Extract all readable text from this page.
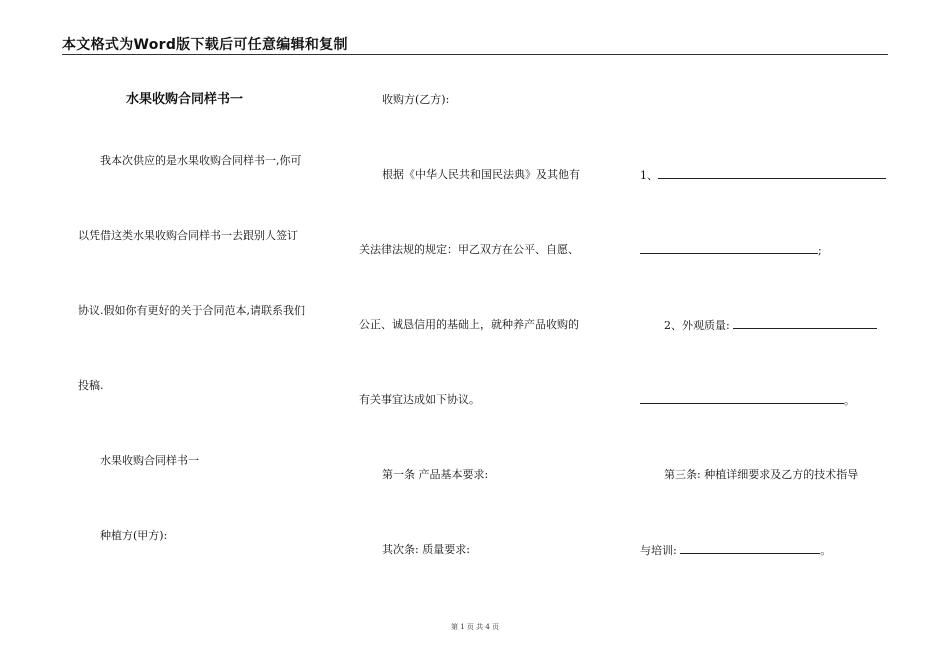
本文格式为Word版下载后可任意编辑和复制
水果收购合同样书一
我本次供应的是水果收购合同样书一,你可
以凭借这类水果收购合同样书一去跟别人签订
协议.假如你有更好的关于合同范本,请联系我们
投稿.
水果收购合同样书一
种植方(甲方):
收购方(乙方):
根据《中华人民共和国民法典》及其他有
关法律法规的规定：甲乙双方在公平、自愿、
公正、诚恳信用的基础上，就种养产品收购的
有关事宜达成如下协议。
第一条 产品基本要求:
其次条: 质量要求:
1、
;
2、外观质量:
。
第三条: 种植详细要求及乙方的技术指导
与培训:	。
第 1 页 共 4 页
